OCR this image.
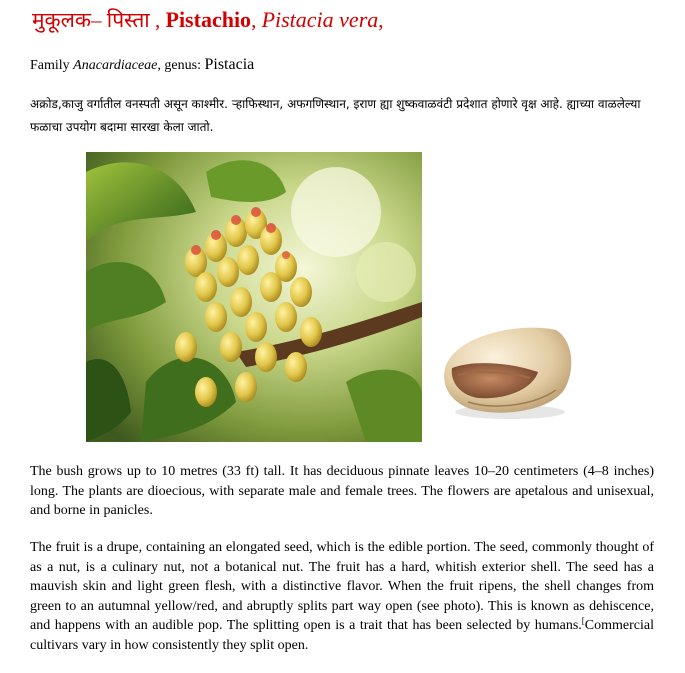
मुकूलक– पिस्ता , Pistachio, Pistacia vera,
Family Anacardiaceae, genus: Pistacia
अक्रोड,काजु वर्गातील वनस्पती असून काश्मीर. ऱ्हाफिस्थान, अफगणिस्थान, इराण ह्या शुष्कवाळवंटी प्रदेशात होणारे वृक्ष आहे. ह्याच्या वाळलेल्या फळाचा उपयोग बदामा सारखा केला जातो.

The bush grows up to 10 metres (33 ft) tall. It has deciduous pinnate leaves 10–20 centimeters (4–8 inches) long. The plants are dioecious, with separate male and female trees. The flowers are apetalous and unisexual, and borne in panicles.

The fruit is a drupe, containing an elongated seed, which is the edible portion. The seed, commonly thought of as a nut, is a culinary nut, not a botanical nut. The fruit has a hard, whitish exterior shell. The seed has a mauvish skin and light green flesh, with a distinctive flavor. When the fruit ripens, the shell changes from green to an autumnal yellow/red, and abruptly splits part way open (see photo). This is known as dehiscence, and happens with an audible pop. The splitting open is a trait that has been selected by humans.[Commercial cultivars vary in how consistently they split open.
